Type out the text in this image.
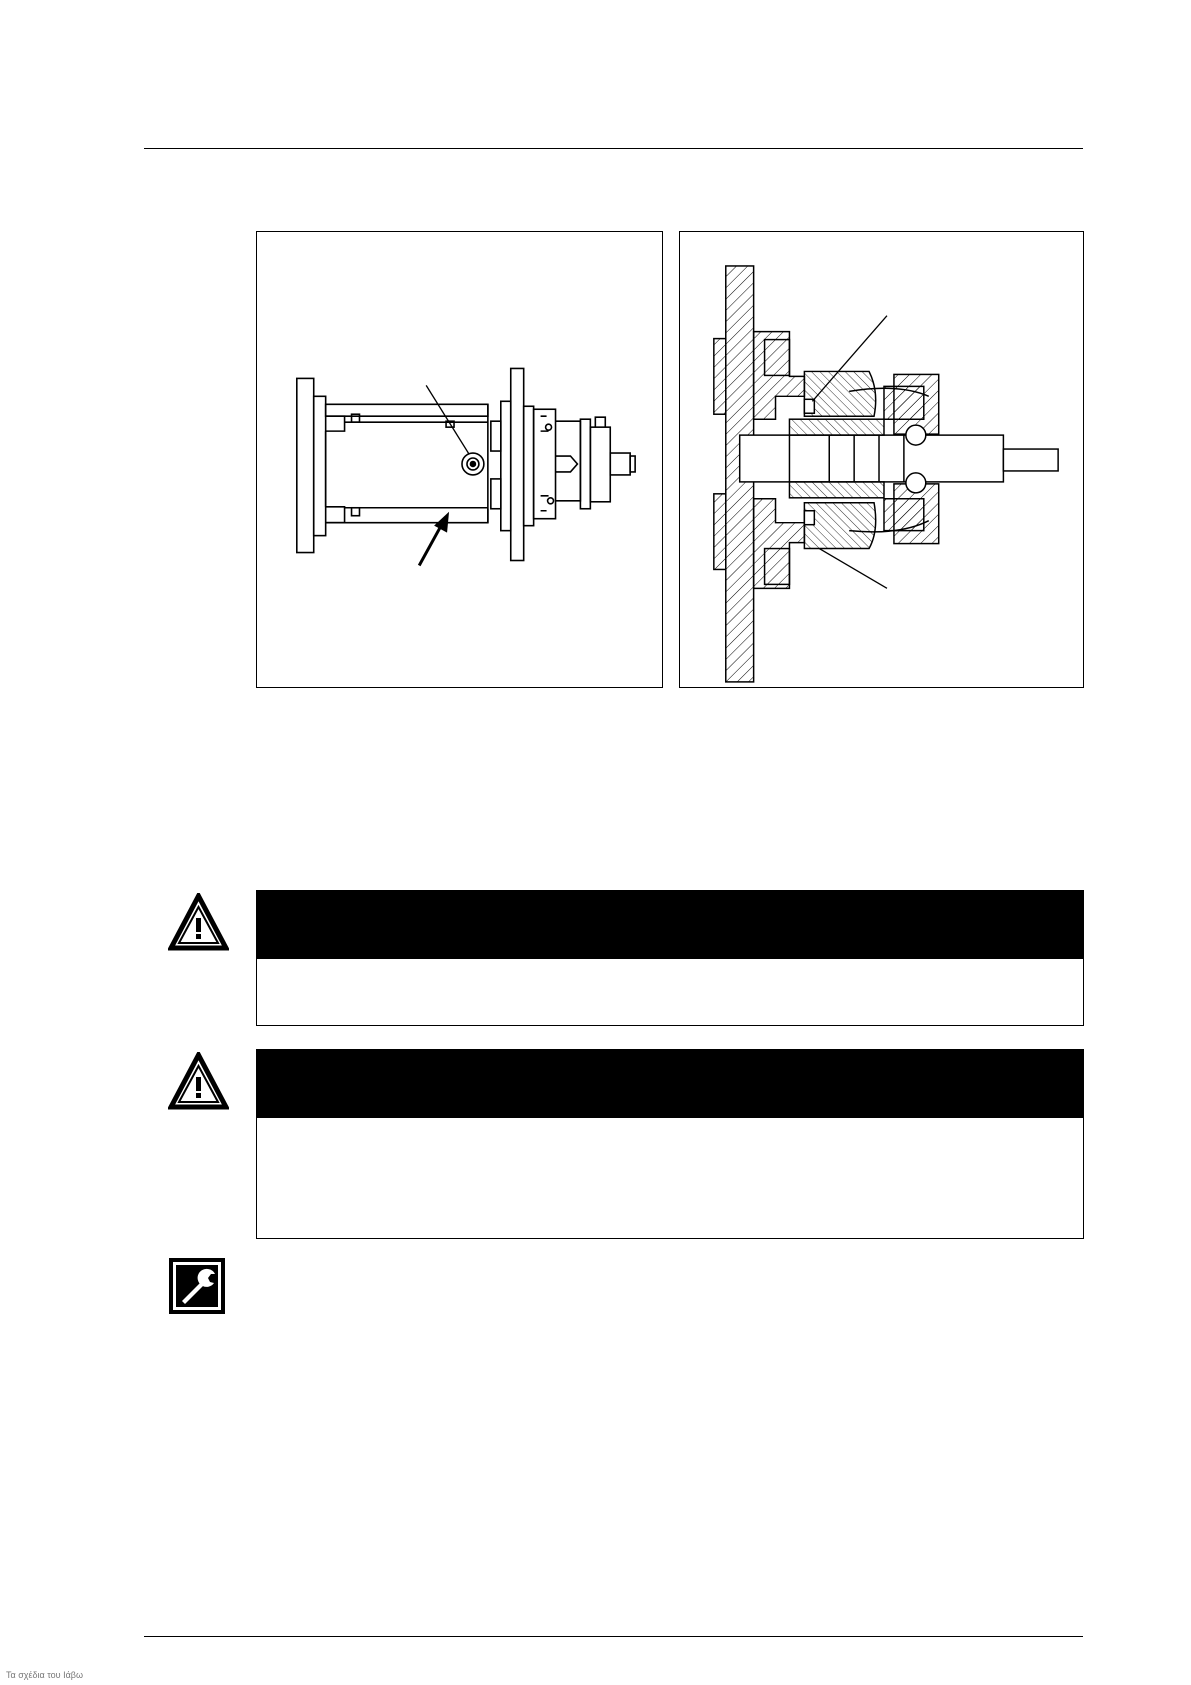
Τα σχέδια του Ιάβω
